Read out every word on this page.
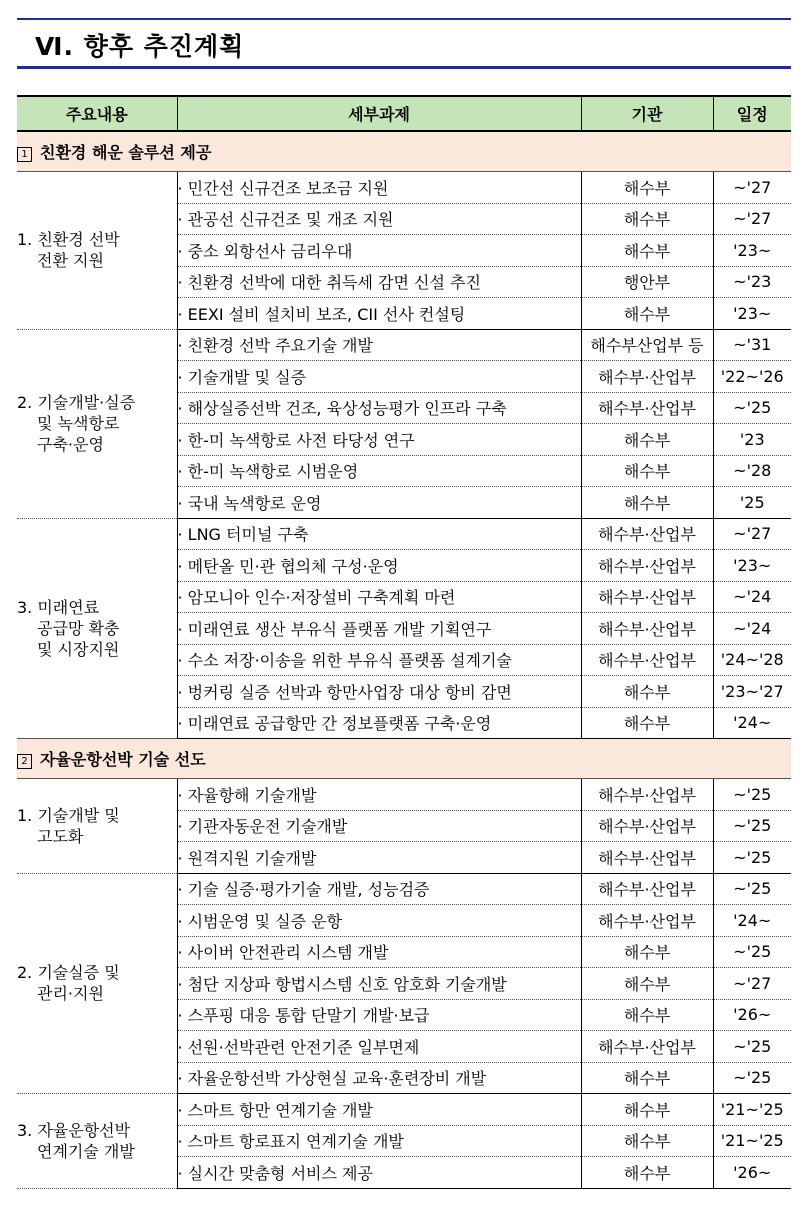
Ⅵ. 향후 추진계획
주요내용	세부과제	기관	일정
1 친환경 해운 솔루션 제공			

1. 친환경 선박
전환 지원	· 민간선 신규건조 보조금 지원	해수부	~'27
	· 관공선 신규건조 및 개조 지원	해수부	~'27
	· 중소 외항선사 금리우대	해수부	'23~
	· 친환경 선박에 대한 취득세 감면 신설 추진	행안부	~'23
	· EEXI 설비 설치비 보조, CII 선사 컨설팅	해수부	'23~

2. 기술개발·실증
및 녹색항로
구축·운영	· 친환경 선박 주요기술 개발	해수부산업부 등	~'31
	· 기술개발 및 실증	해수부·산업부	'22~'26
	· 해상실증선박 건조, 육상성능평가 인프라 구축	해수부·산업부	~'25
	· 한-미 녹색항로 사전 타당성 연구	해수부	'23
	· 한-미 녹색항로 시범운영	해수부	~'28
	· 국내 녹색항로 운영	해수부	'25

3. 미래연료
공급망 확충
및 시장지원	· LNG 터미널 구축	해수부·산업부	~'27
	· 메탄올 민·관 협의체 구성·운영	해수부·산업부	'23~
	· 암모니아 인수·저장설비 구축계획 마련	해수부·산업부	~'24
	· 미래연료 생산 부유식 플랫폼 개발 기획연구	해수부·산업부	~'24
	· 수소 저장·이송을 위한 부유식 플랫폼 설계기술	해수부·산업부	'24~'28
	· 벙커링 실증 선박과 항만사업장 대상 항비 감면	해수부	'23~'27
	· 미래연료 공급항만 간 정보플랫폼 구축·운영	해수부	'24~
2 자율운항선박 기술 선도			

1. 기술개발 및
고도화	· 자율항해 기술개발	해수부·산업부	~'25
	· 기관자동운전 기술개발	해수부·산업부	~'25
	· 원격지원 기술개발	해수부·산업부	~'25

2. 기술실증 및
관리·지원	· 기술 실증·평가기술 개발, 성능검증	해수부·산업부	~'25
	· 시범운영 및 실증 운항	해수부·산업부	'24~
	· 사이버 안전관리 시스템 개발	해수부	~'25
	· 첨단 지상파 항법시스템 신호 암호화 기술개발	해수부	~'27
	· 스푸핑 대응 통합 단말기 개발·보급	해수부	'26~
	· 선원·선박관련 안전기준 일부면제	해수부·산업부	~'25
	· 자율운항선박 가상현실 교육·훈련장비 개발	해수부	~'25

3. 자율운항선박
연계기술 개발	· 스마트 항만 연계기술 개발	해수부	'21~'25
	· 스마트 항로표지 연계기술 개발	해수부	'21~'25
	· 실시간 맞춤형 서비스 제공	해수부	'26~
